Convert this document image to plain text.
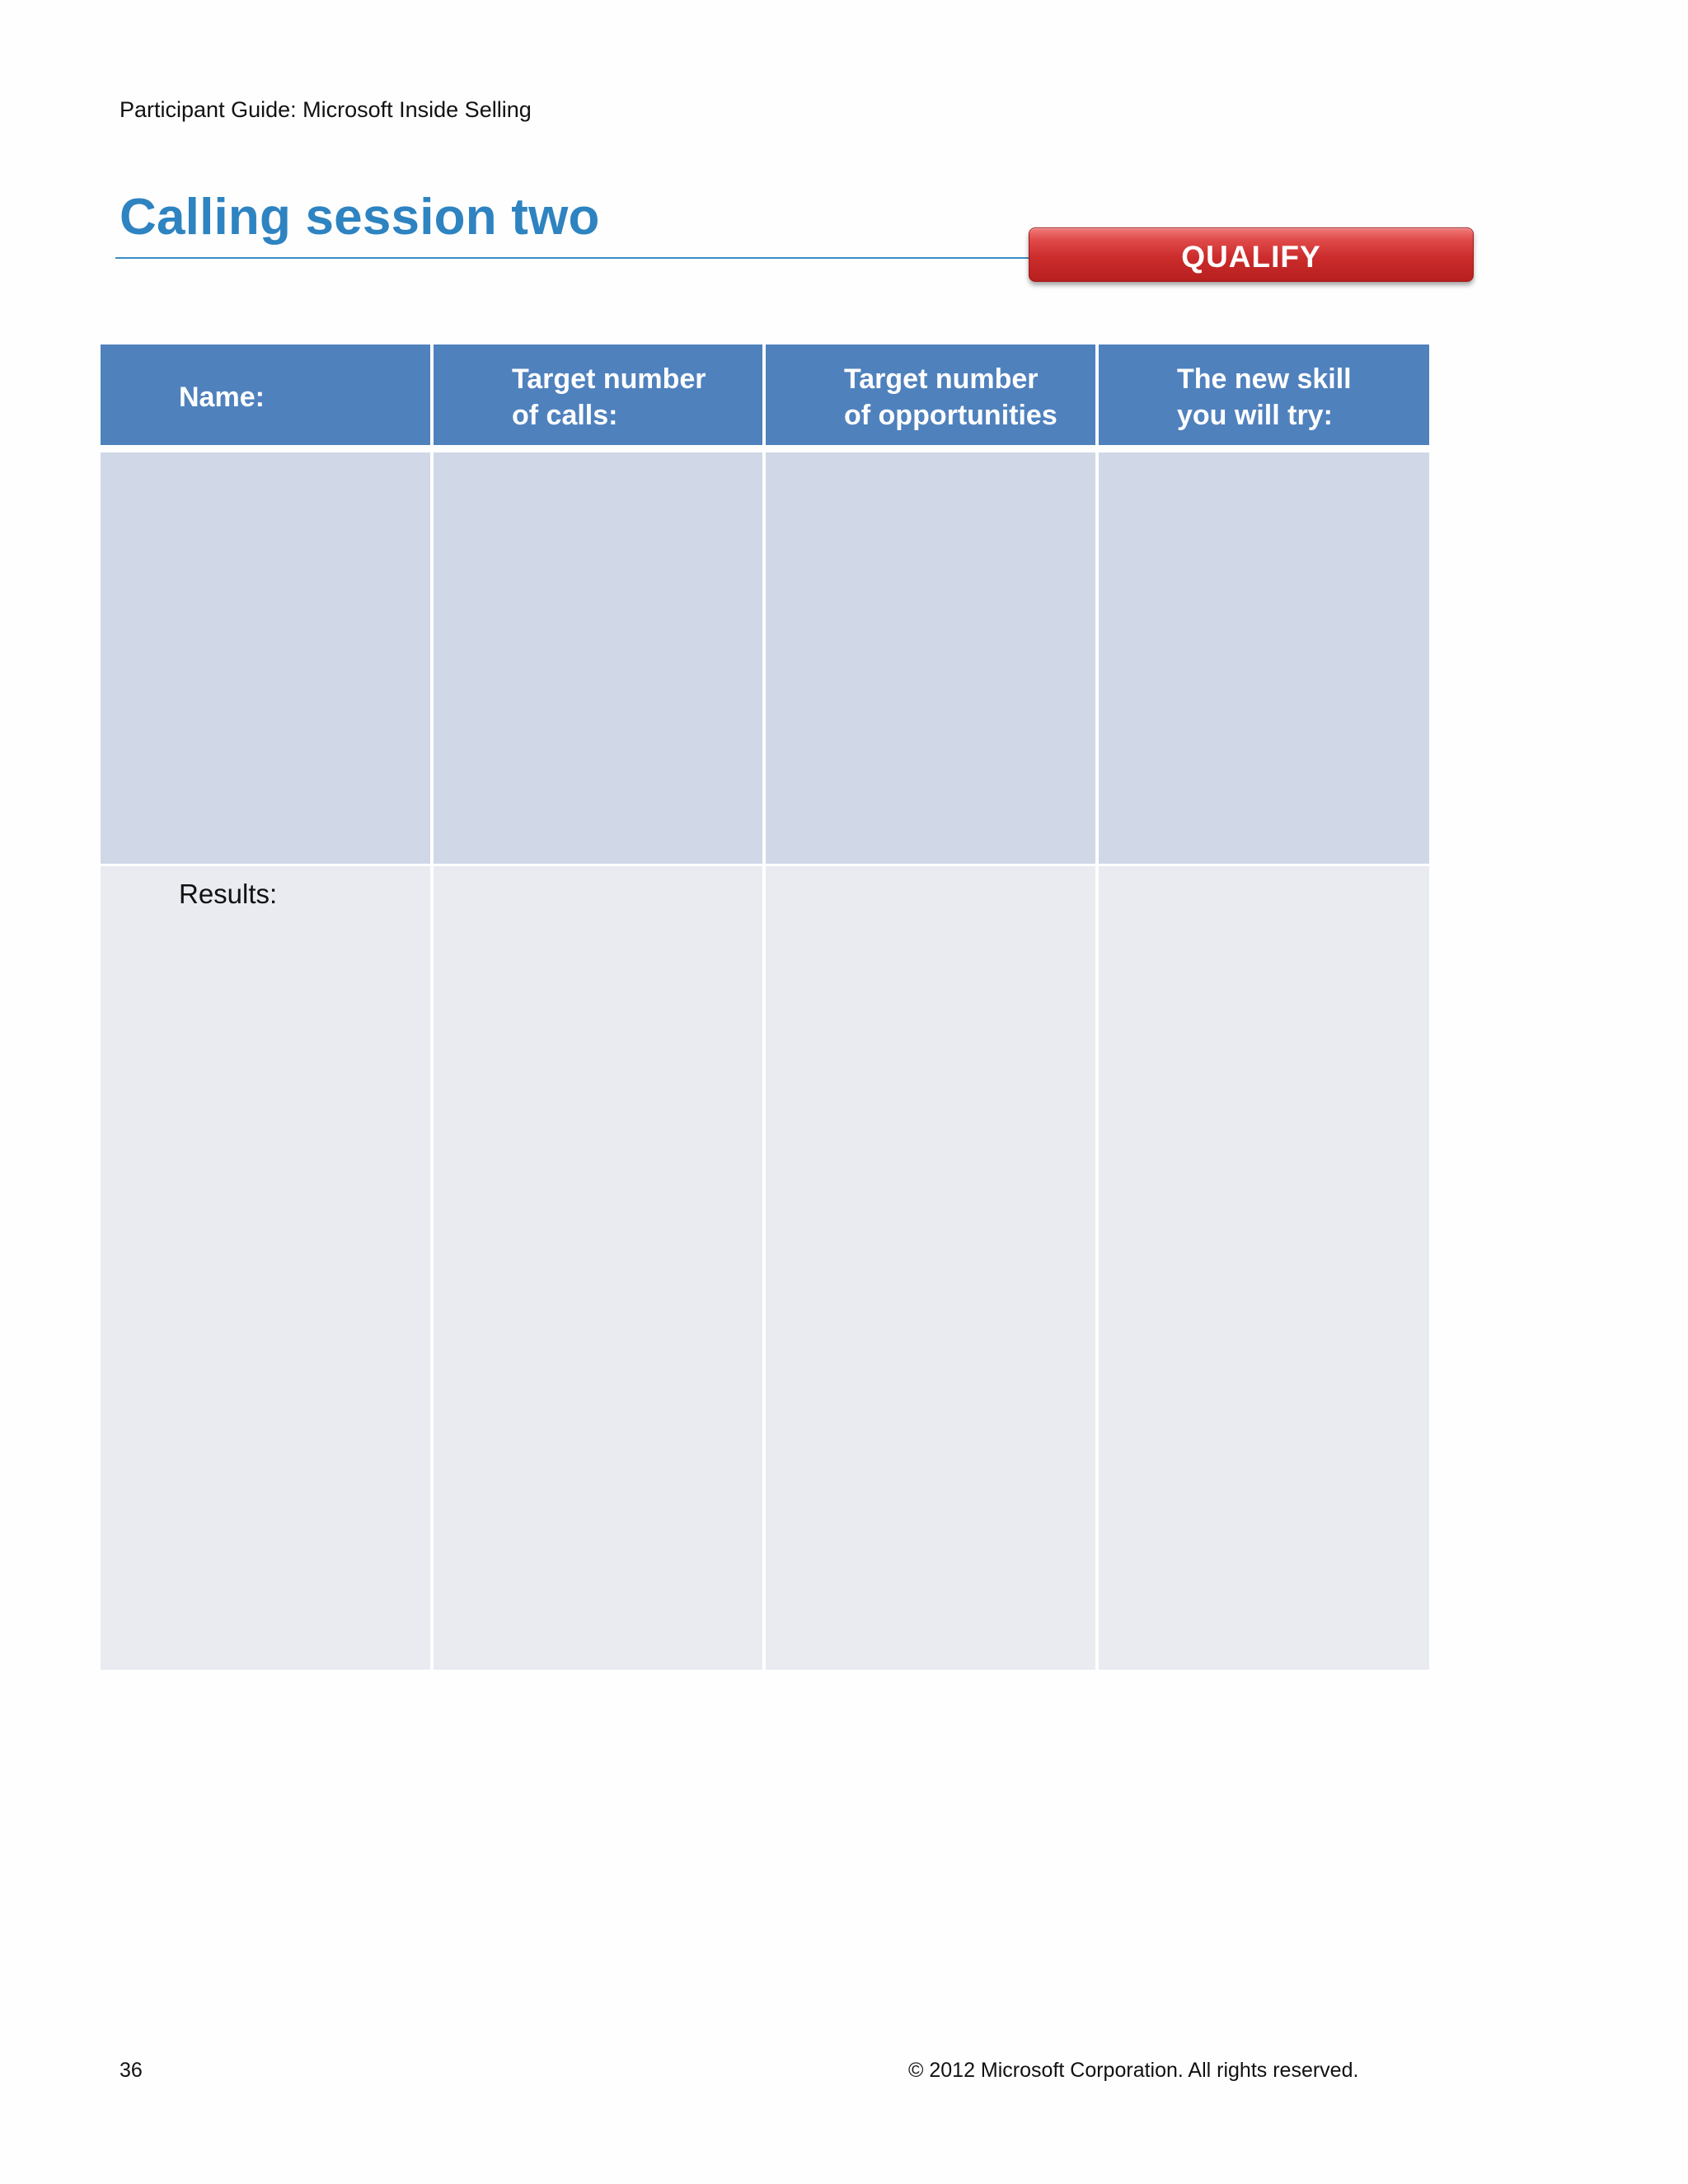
Participant Guide: Microsoft Inside Selling
Calling session two
QUALIFY
Name:
Target number
of calls:
Target number
of opportunities
The new skill
you will try:
Results:
36	© 2012 Microsoft Corporation. All rights reserved.
